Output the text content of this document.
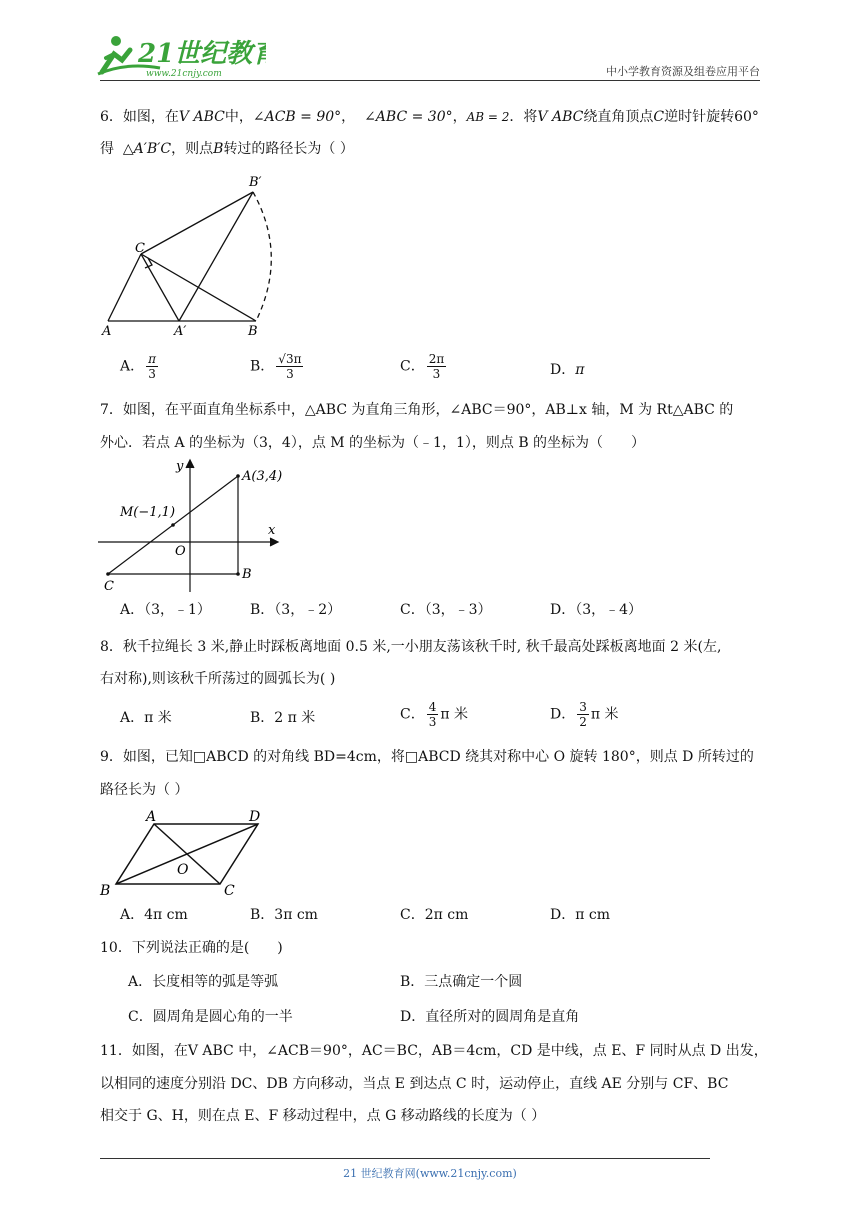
21世纪教育
www.21cnjy.com	中小学教育资源及组卷应用平台
6．如图，在V ABC中，∠ACB = 90°， ∠ABC = 30°，AB = 2．将V ABC绕直角顶点C逆时针旋转60°
得 △A′B′C，则点B转过的路径长为（ ）
B′
C
A	A′	B
A． $\frac{\pi}{3}$	B． $\frac{√3\pi}{3}$	C． $\frac{2\pi}{3}$	D．π
7．如图，在平面直角坐标系中，△ABC 为直角三角形，∠ABC＝90°，AB⊥x 轴，M 为 Rt△ABC 的
外心．若点 A 的坐标为（3，4），点 M 的坐标为（﹣1，1），则点 B 的坐标为（　　）
y
x
A(3,4)
M(−1,1)
O
C
B
A．（3，﹣1）	B．（3，﹣2）	C．（3，﹣3）	D．（3，﹣4）
8．秋千拉绳长 3 米,静止时踩板离地面 0.5 米,一小朋友荡该秋千时, 秋千最高处踩板离地面 2 米(左,
右对称),则该秋千所荡过的圆弧长为( )
A．π 米	B．2 π 米	C． $\frac{4}{3}$ π 米	D． $\frac{3}{2}$ π 米
9．如图，已知□ABCD 的对角线 BD=4cm，将□ABCD 绕其对称中心 O 旋转 180°，则点 D 所转过的
路径长为（ ）
A	D
B	C
O
A．4π cm	B．3π cm	C．2π cm	D．π cm
10．下列说法正确的是(　　)
A．长度相等的弧是等弧	B．三点确定一个圆
C．圆周角是圆心角的一半	D．直径所对的圆周角是直角
11．如图，在V ABC 中，∠ACB＝90°，AC＝BC，AB＝4cm，CD 是中线，点 E、F 同时从点 D 出发，
以相同的速度分别沿 DC、DB 方向移动，当点 E 到达点 C 时，运动停止，直线 AE 分别与 CF、BC
相交于 G、H，则在点 E、F 移动过程中，点 G 移动路线的长度为（ ）
21 世纪教育网(www.21cnjy.com)
